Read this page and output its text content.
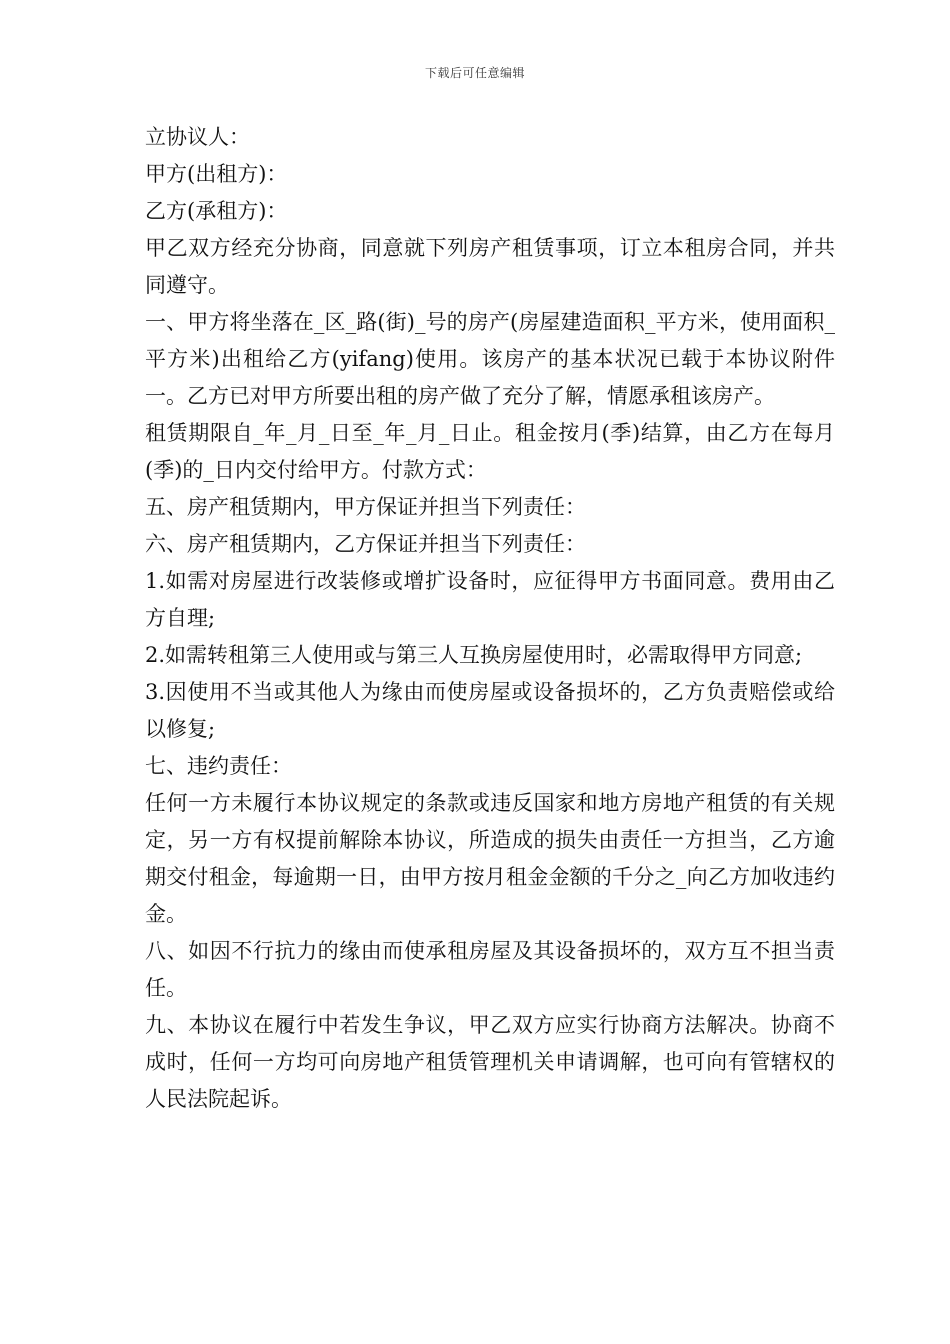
下载后可任意编辑

立协议人：

甲方(出租方)：

乙方(承租方)：

甲乙双方经充分协商，同意就下列房产租赁事项，订立本租房合同，并共同遵守。

一、甲方将坐落在_区_路(街)_号的房产(房屋建造面积_平方米，使用面积_平方米)出租给乙方(yifang)使用。该房产的基本状况已载于本协议附件一。乙方已对甲方所要出租的房产做了充分了解，情愿承租该房产。

租赁期限自_年_月_日至_年_月_日止。租金按月(季)结算，由乙方在每月(季)的_日内交付给甲方。付款方式：

五、房产租赁期内，甲方保证并担当下列责任：

六、房产租赁期内，乙方保证并担当下列责任：

1.如需对房屋进行改装修或增扩设备时，应征得甲方书面同意。费用由乙方自理;

2.如需转租第三人使用或与第三人互换房屋使用时，必需取得甲方同意;

3.因使用不当或其他人为缘由而使房屋或设备损坏的，乙方负责赔偿或给以修复;

七、违约责任：

任何一方未履行本协议规定的条款或违反国家和地方房地产租赁的有关规定，另一方有权提前解除本协议，所造成的损失由责任一方担当，乙方逾期交付租金，每逾期一日，由甲方按月租金金额的千分之_向乙方加收违约金。

八、如因不行抗力的缘由而使承租房屋及其设备损坏的，双方互不担当责任。

九、本协议在履行中若发生争议，甲乙双方应实行协商方法解决。协商不成时，任何一方均可向房地产租赁管理机关申请调解，也可向有管辖权的人民法院起诉。
